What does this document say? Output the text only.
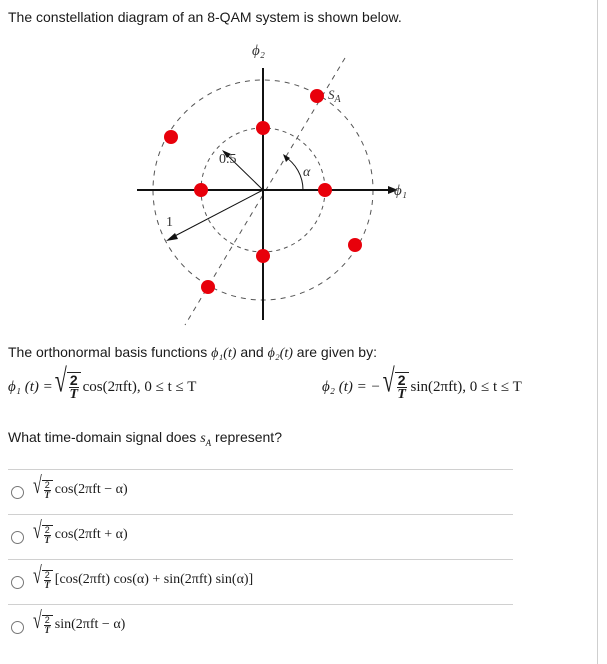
The constellation diagram of an 8-QAM system is shown below.
ϕ₂
ϕ₁
0.5
1
α
$S_A$
The orthonormal basis functions ϕ₁(t) and ϕ₂(t) are given by:
ϕ₁ (t) = √ $\frac{2}{T} \cos(2\pi ft)$, 0 ≤ t ≤ T	ϕ₂ (t) = − √ $\frac{2}{T} \sin(2\pi ft)$, 0 ≤ t ≤ T
What time-domain signal does $s_A$ represent?
√ $\frac{2}{T} \cos(2\pi ft - \alpha)$
√ $\frac{2}{T} \cos(2\pi ft + \alpha)$
√ $\frac{2}{T} [\cos(2\pi ft) \cos(\alpha) + \sin(2\pi ft)$ sin(α)]
√ $\frac{2}{T} \sin(2\pi ft - \alpha)$
